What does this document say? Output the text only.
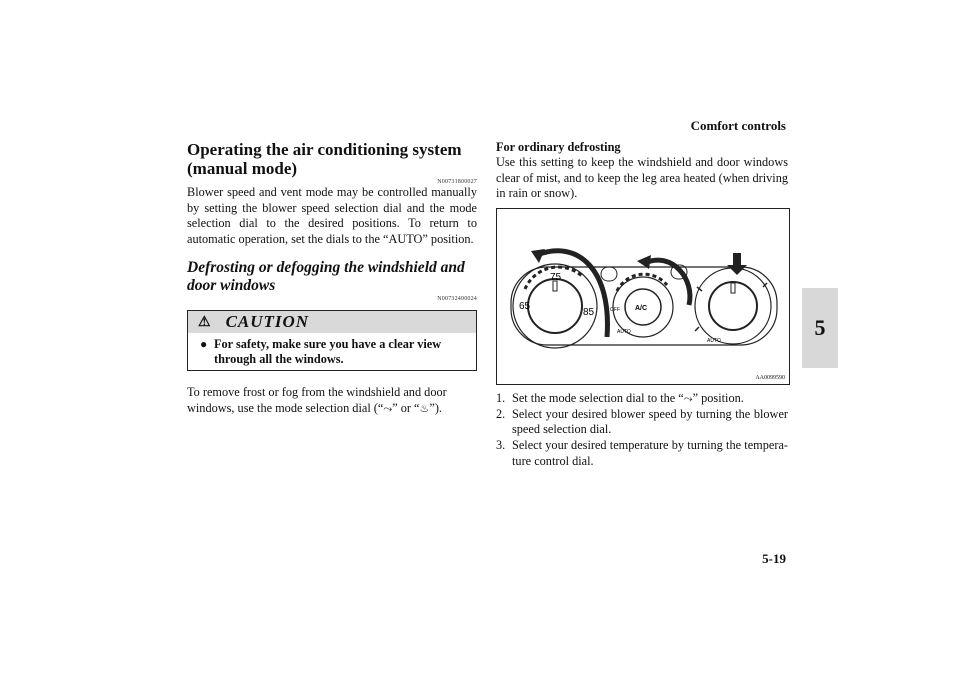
Comfort controls
5
5-19
Operating the air conditioning system (manual mode)
N00731800027

Blower speed and vent mode may be controlled manually by setting the blower speed selection dial and the mode selection dial to the desired positions. To return to automatic operation, set the dials to the “AUTO” position.

Defrosting or defogging the windshield and door windows
N00732400024
⚠ CAUTION
● For safety, make sure you have a clear view through all the windows.

To remove frost or fog from the windshield and door windows, use the mode selection dial (“⤳” or “♨”).

For ordinary defrosting

Use this setting to keep the windshield and door windows clear of mist, and to keep the leg area heated (when driving in rain or snow).

75
65
85	A/C
AUTO
OFF
AUTO
AA0099590
1. Set the mode selection dial to the “⤳” position.
2. Select your desired blower speed by turning the blower speed selection dial.
3. Select your desired temperature by turning the tempera-ture control dial.
